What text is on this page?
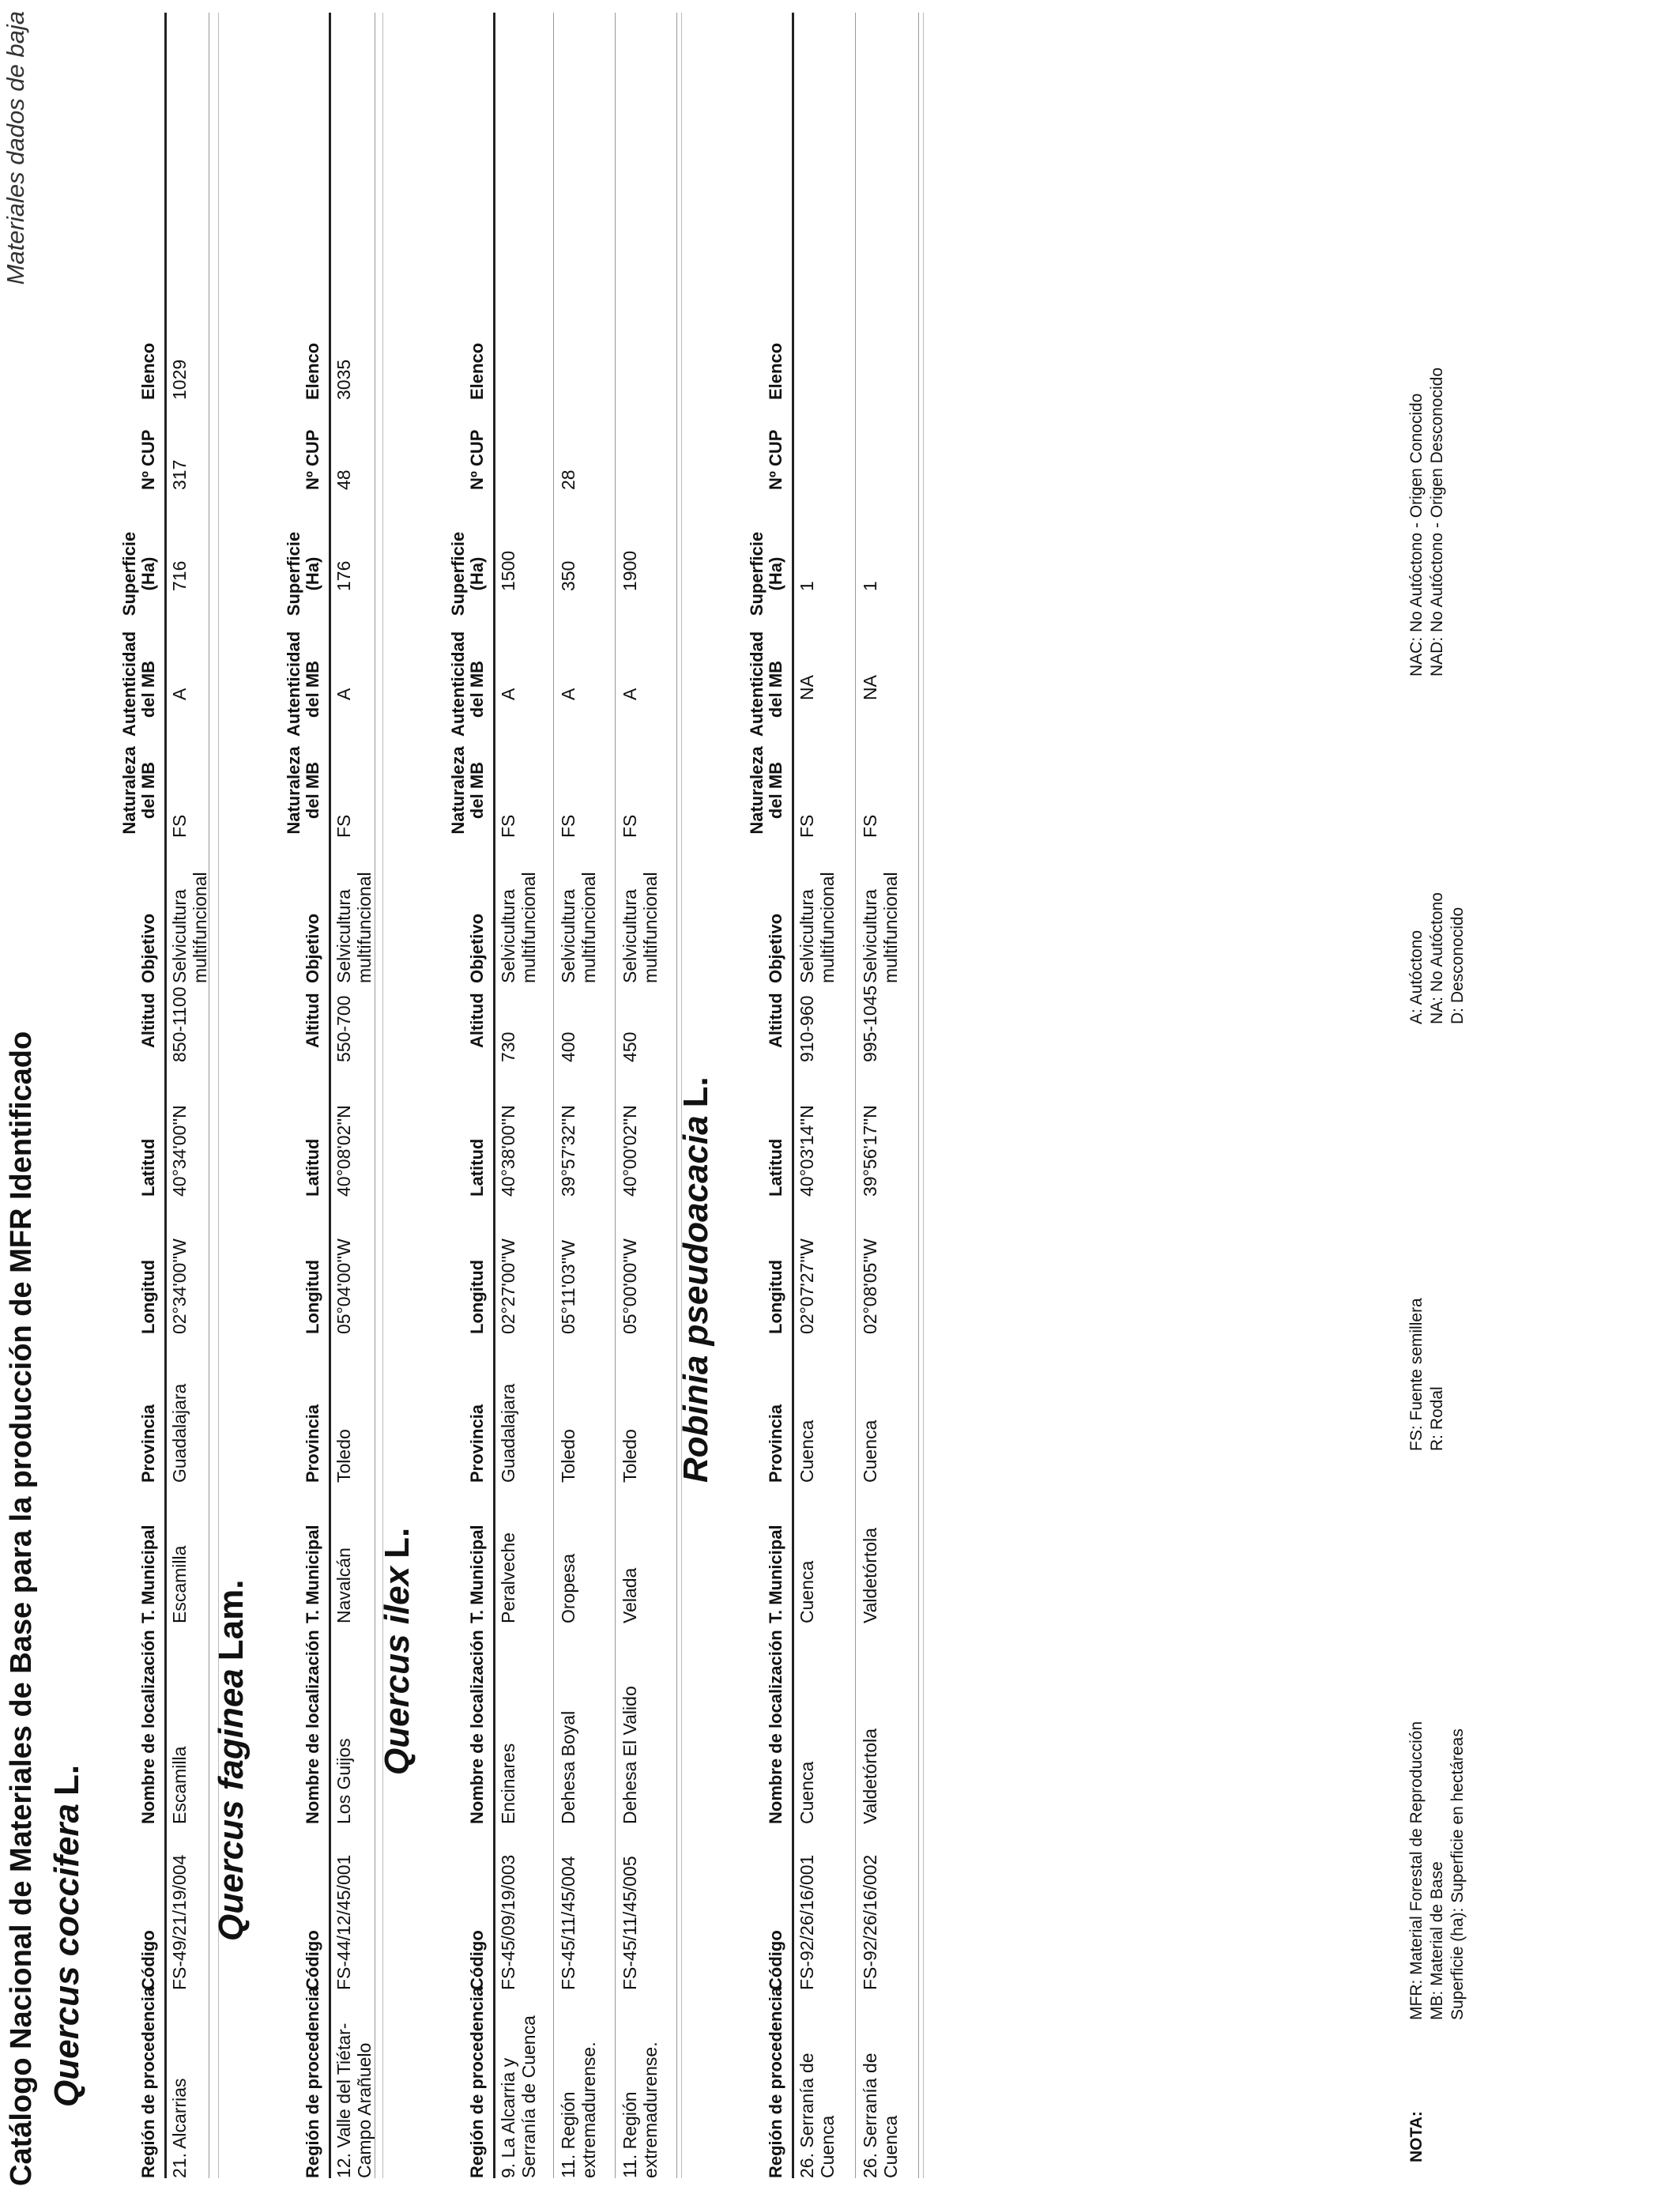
Catálogo Nacional de Materiales de Base para la producción de MFR Identificado
Materiales dados de baja
Quercus cocciferaL.
Región de procedencia
Código
Nombre de localización
T. Municipal
Provincia
Longitud
Latitud
Altitud
Objetivo
Naturaleza del MB
Autenticidad del MB
Superficie (Ha)
Nº CUP
Elenco
21. Alcarrias
FS-49/21/19/004
Escamilla
Escamilla
Guadalajara
02°34'00''W
40°34'00''N
850-1100
Selvicultura multifuncional
FS
A
716
317
1029
Quercus fagineaLam.
Región de procedencia
Código
Nombre de localización
T. Municipal
Provincia
Longitud
Latitud
Altitud
Objetivo
Naturaleza del MB
Autenticidad del MB
Superficie (Ha)
Nº CUP
Elenco
12. Valle del Tiétar-Campo Arañuelo
FS-44/12/45/001
Los Guijos
Navalcán
Toledo
05°04'00''W
40°08'02''N
550-700
Selvicultura multifuncional
FS
A
176
48
3035
Quercus ilexL.
Región de procedencia
Código
Nombre de localización
T. Municipal
Provincia
Longitud
Latitud
Altitud
Objetivo
Naturaleza del MB
Autenticidad del MB
Superficie (Ha)
Nº CUP
Elenco
9. La Alcarria y Serranía de Cuenca
FS-45/09/19/003
Encinares
Peralveche
Guadalajara
02°27'00''W
40°38'00''N
730
Selvicultura multifuncional
FS
A
1500
11. Región extremadurense.
FS-45/11/45/004
Dehesa Boyal
Oropesa
Toledo
05°11'03''W
39°57'32''N
400
Selvicultura multifuncional
FS
A
350
28
11. Región extremadurense.
FS-45/11/45/005
Dehesa El Valido
Velada
Toledo
05°00'00''W
40°00'02''N
450
Selvicultura multifuncional
FS
A
1900
Robinia pseudoacaciaL.
Región de procedencia
Código
Nombre de localización
T. Municipal
Provincia
Longitud
Latitud
Altitud
Objetivo
Naturaleza del MB
Autenticidad del MB
Superficie (Ha)
Nº CUP
Elenco
26. Serranía de Cuenca
FS-92/26/16/001
Cuenca
Cuenca
Cuenca
02°07'27''W
40°03'14''N
910-960
Selvicultura multifuncional
FS
NA
1
26. Serranía de Cuenca
FS-92/26/16/002
Valdetórtola
Valdetórtola
Cuenca
02°08'05''W
39°56'17''N
995-1045
Selvicultura multifuncional
FS
NA
1
NOTA:
MFR: Material Forestal de Reproducción MB: Material de Base Superficie (ha): Superficie en hectáreas
FS: Fuente semillera R: Rodal
A: Autóctono NA: No Autóctono D: Desconocido
NAC: No Autóctono - Origen Conocido NAD: No Autóctono - Origen Desconocido
